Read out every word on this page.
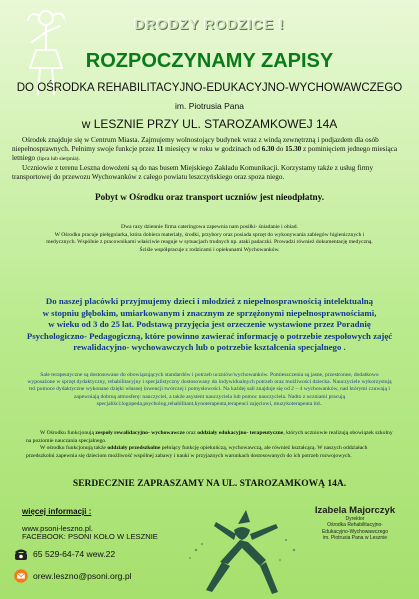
DRODZY RODZICE !
ROZPOCZYNAMY ZAPISY
DO OŚRODKA REHABILITACYJNO-EDUKACYJNO-WYCHOWAWCZEGO
im. Piotrusia Pana
w LESZNIE PRZY UL. STAROZAMKOWEJ 14A
Ośrodek znajduje się w Centrum Miasta. Zajmujemy wolnostojący budynek wraz z windą zewnętrzną i podjazdem dla osób niepełnosprawnych. Pełnimy swoje funkcje przez 11 miesięcy w roku w godzinach od 6.30 do 15.30 z pominięciem jednego miesiąca letniego (lipca lub sierpnia).
Uczniowie z terenu Leszna dowożeni są do nas busem Miejskiego Zakładu Komunikacji. Korzystamy także z usług firmy transportowej do przewozu Wychowanków z całego powiatu leszczyńskiego oraz spoza niego.
Pobyt w Ośrodku oraz transport uczniów jest nieodpłatny.
Dwa razy dziennie firma cateringowa zapewnia nam posiłki- śniadanie i obiad.
W Ośrodku pracuje pielęgniarka, która dobiera materiały, środki, przybory oraz posiada sprzęt do wykonywania zabiegów higienicznych i medycznych. Wspólnie z pracownikami właściwie reaguje w sytuacjach trudnych np. ataki padaczki. Prowadzi również dokumentację medyczną.
Ściśle współpracuje z rodzicami i opiekunami Wychowanków.
Do naszej placówki przyjmujemy dzieci i młodzież z niepełnosprawnością intelektualną
w stopniu głębokim, umiarkowanym i znacznym ze sprzężonymi niepełnosprawnościami,
w wieku od 3 do 25 lat. Podstawą przyjęcia jest orzeczenie wystawione przez Poradnię Psychologiczno- Pedagogiczną, które powinno zawierać informację o potrzebie zespołowych zajęć rewalidacyjno- wychowawczych lub o potrzebie kształcenia specjalnego .
Sale terapeutyczne są dostosowane do obowiązujących standardów i potrzeb uczniów/wychowanków. Pomieszczenia są jasne, przestronne, dodatkowo wyposażone w sprzęt dydaktyczny, rehabilitacyjny i specjalistyczny dostosowany do indywidualnych potrzeb oraz możliwości dziecka. Nauczyciele wykorzystują też pomoce dydaktyczne wykonane dzięki własnej inwencji twórczej i pomysłowości. Na każdej sali znajduje się od 2 – 4 wychowanków, nad którymi czuwają i zapewniają dobrną atmosferę: nauczyciel, a także asystent nauczyciela lub pomoc nauczyciela. Nadto z uczniami pracują specjaliści:logopeda,psycholog,rehabilitant,kynoterapeuta,terapeuci zajęciowi, muzykoterapeuta itd..
W Ośrodku funkcjonują zespoły rewalidacyjno- wychowawcze oraz oddziały edukacyjno- terapeutyczne, których uczniowie realizują obowiązek szkolny na poziomie nauczania specjalnego.
W ośrodku funkcjonują także oddziały przedszkolne pełniący funkcję opiekuńczą, wychowawczą, ale również kształcącą. W naszych oddziałach przedszkolni zapewnia się dzieciom możliwość wspólnej zabawy i nauki w przyjaznych warunkach dostosowanych do ich potrzeb rozwojowych.
SERDECZNIE ZAPRASZAMY NA UL. STAROZAMKOWĄ 14A.
więcej informacji :
www.psoni-leszno.pl.
FACEBOOK: PSONI KOŁO W LESZNIE
65 529-64-74 wew.22
orew.leszno@psoni.org.pl
Izabela Majorczyk
Dyrektor
Ośrodka Rehabilitacyjno-
Edukacyjno-Wychowawczego
im. Piotrusia Pana w Lesznie
